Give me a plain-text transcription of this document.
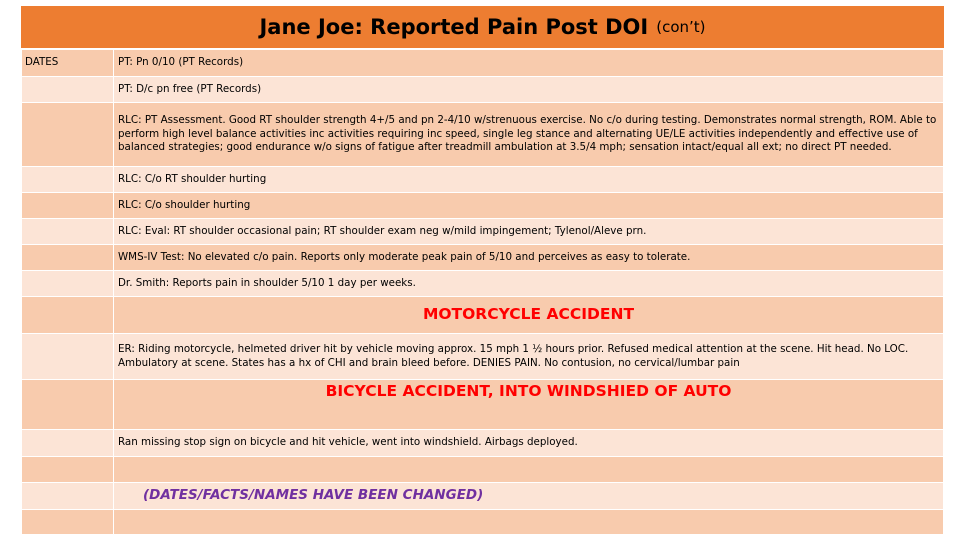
Jane Joe: Reported Pain Post DOI (con’t)
DATES	PT: Pn 0/10 (PT Records)
	PT: D/c pn free (PT Records)
	RLC: PT Assessment. Good RT shoulder strength 4+/5 and pn 2-4/10 w/strenuous exercise. No c/o during testing. Demonstrates normal strength, ROM. Able to perform high level balance activities inc activities requiring inc speed, single leg stance and alternating UE/LE activities independently and effective use of balanced strategies; good endurance w/o signs of fatigue after treadmill ambulation at 3.5/4 mph; sensation intact/equal all ext; no direct PT needed.
	RLC: C/o RT shoulder hurting
	RLC: C/o shoulder hurting
	RLC: Eval: RT shoulder occasional pain; RT shoulder exam neg w/mild impingement; Tylenol/Aleve prn.
	WMS-IV Test: No elevated c/o pain. Reports only moderate peak pain of 5/10 and perceives as easy to tolerate.
	Dr. Smith: Reports pain in shoulder 5/10 1 day per weeks.
	MOTORCYCLE ACCIDENT
	ER: Riding motorcycle, helmeted driver hit by vehicle moving approx. 15 mph 1 ½ hours prior. Refused medical attention at the scene. Hit head. No LOC. Ambulatory at scene. States has a hx of CHI and brain bleed before. DENIES PAIN. No contusion, no cervical/lumbar pain
	BICYCLE ACCIDENT, INTO WINDSHIED OF AUTO
	Ran missing stop sign on bicycle and hit vehicle, went into windshield. Airbags deployed.

	(DATES/FACTS/NAMES HAVE BEEN CHANGED)
